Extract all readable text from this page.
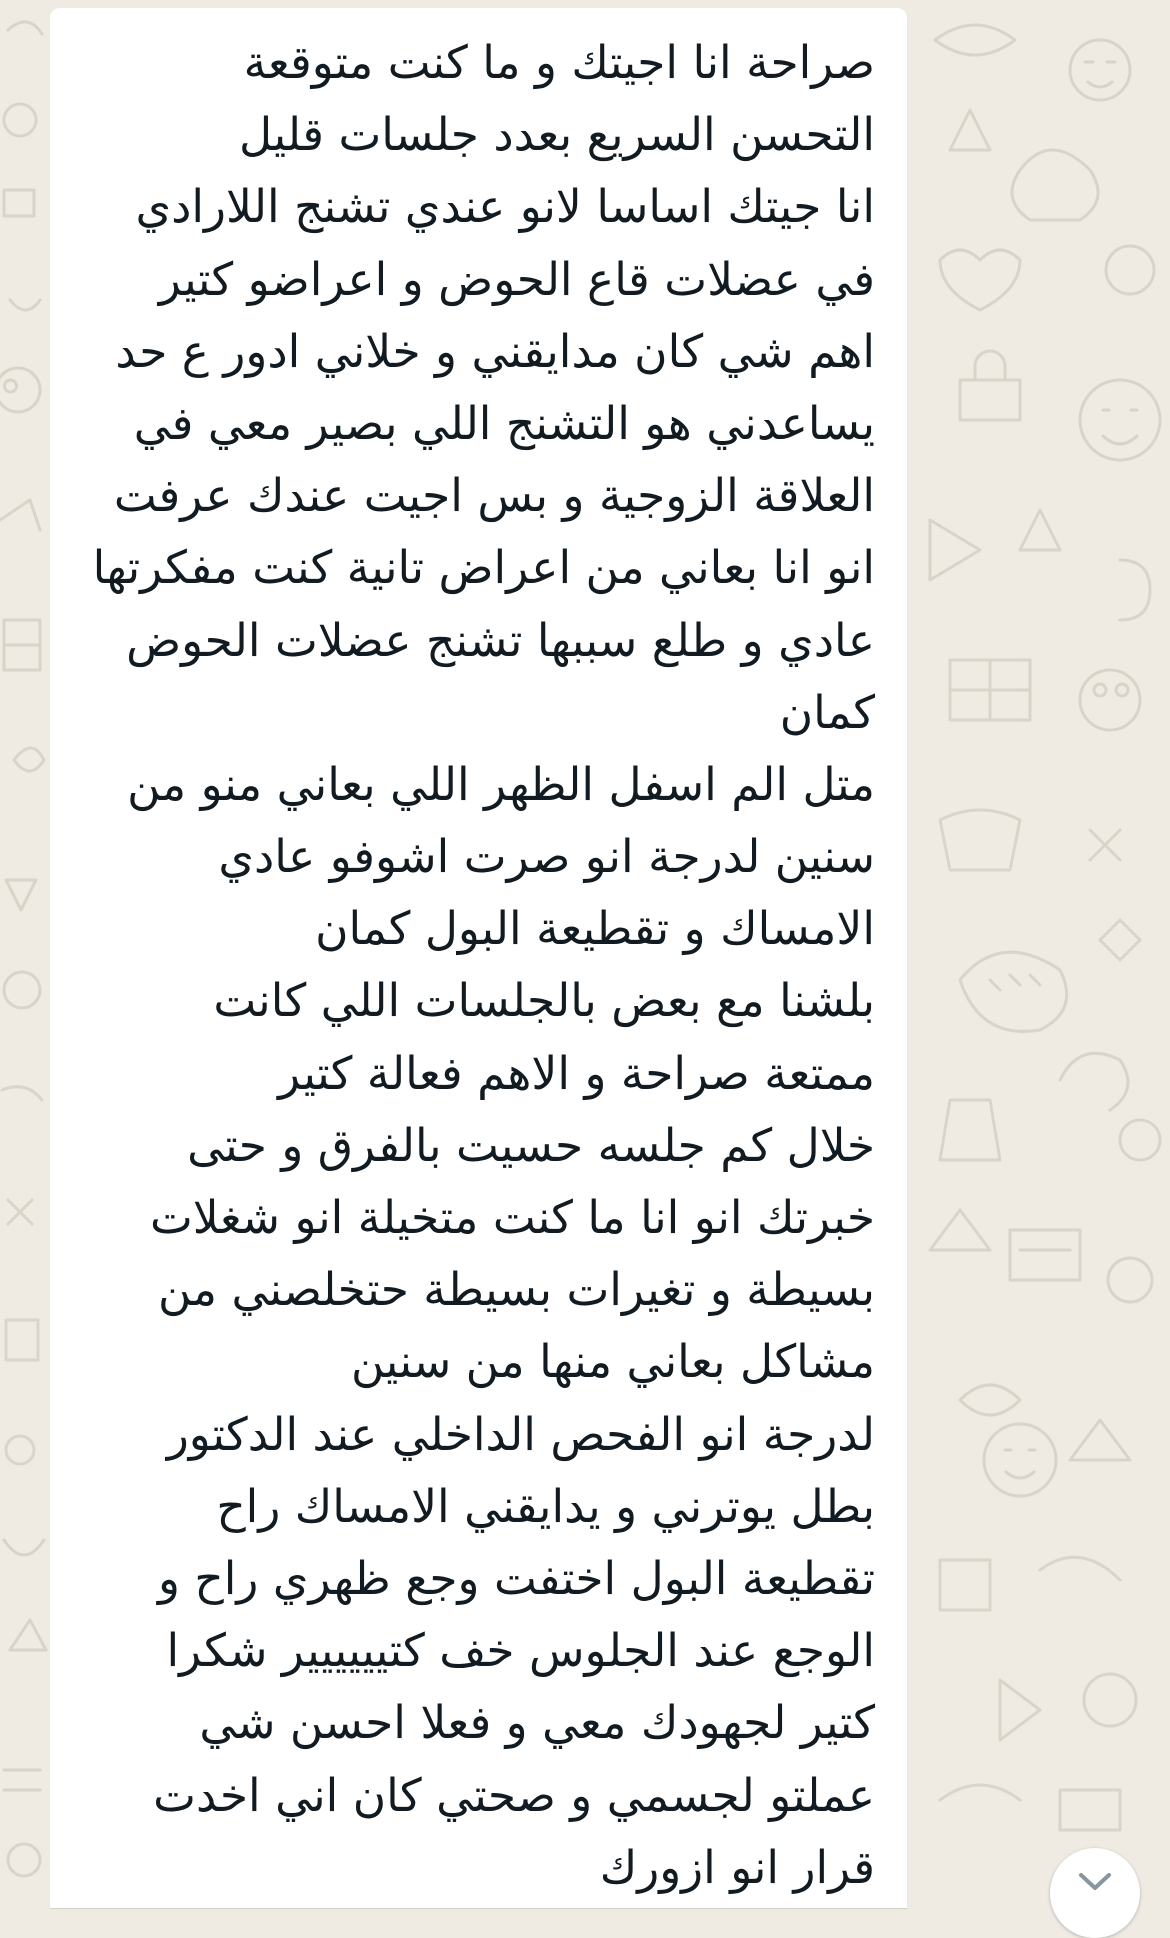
صراحة انا اجيتك و ما كنت متوقعة
التحسن السريع بعدد جلسات قليل
انا جيتك اساسا لانو عندي تشنج اللارادي
في عضلات قاع الحوض و اعراضو كتير
اهم شي كان مدايقني و خلاني ادور ع حد
يساعدني هو التشنج اللي بصير معي في
العلاقة الزوجية و بس اجيت عندك عرفت
انو انا بعاني من اعراض تانية كنت مفكرتها
عادي و طلع سببها تشنج عضلات الحوض
كمان
متل الم اسفل الظهر اللي بعاني منو من
سنين لدرجة انو صرت اشوفو عادي
الامساك و تقطيعة البول كمان
بلشنا مع بعض بالجلسات اللي كانت
ممتعة صراحة و الاهم فعالة كتير
خلال كم جلسه حسيت بالفرق و حتى
خبرتك انو انا ما كنت متخيلة انو شغلات
بسيطة و تغيرات بسيطة حتخلصني من
مشاكل بعاني منها من سنين
لدرجة انو الفحص الداخلي عند الدكتور
بطل يوترني و يدايقني الامساك راح
تقطيعة البول اختفت وجع ظهري راح و
الوجع عند الجلوس خف كتيييييير شكرا
كتير لجهودك معي و فعلا احسن شي
عملتو لجسمي و صحتي كان اني اخدت
قرار انو ازورك
